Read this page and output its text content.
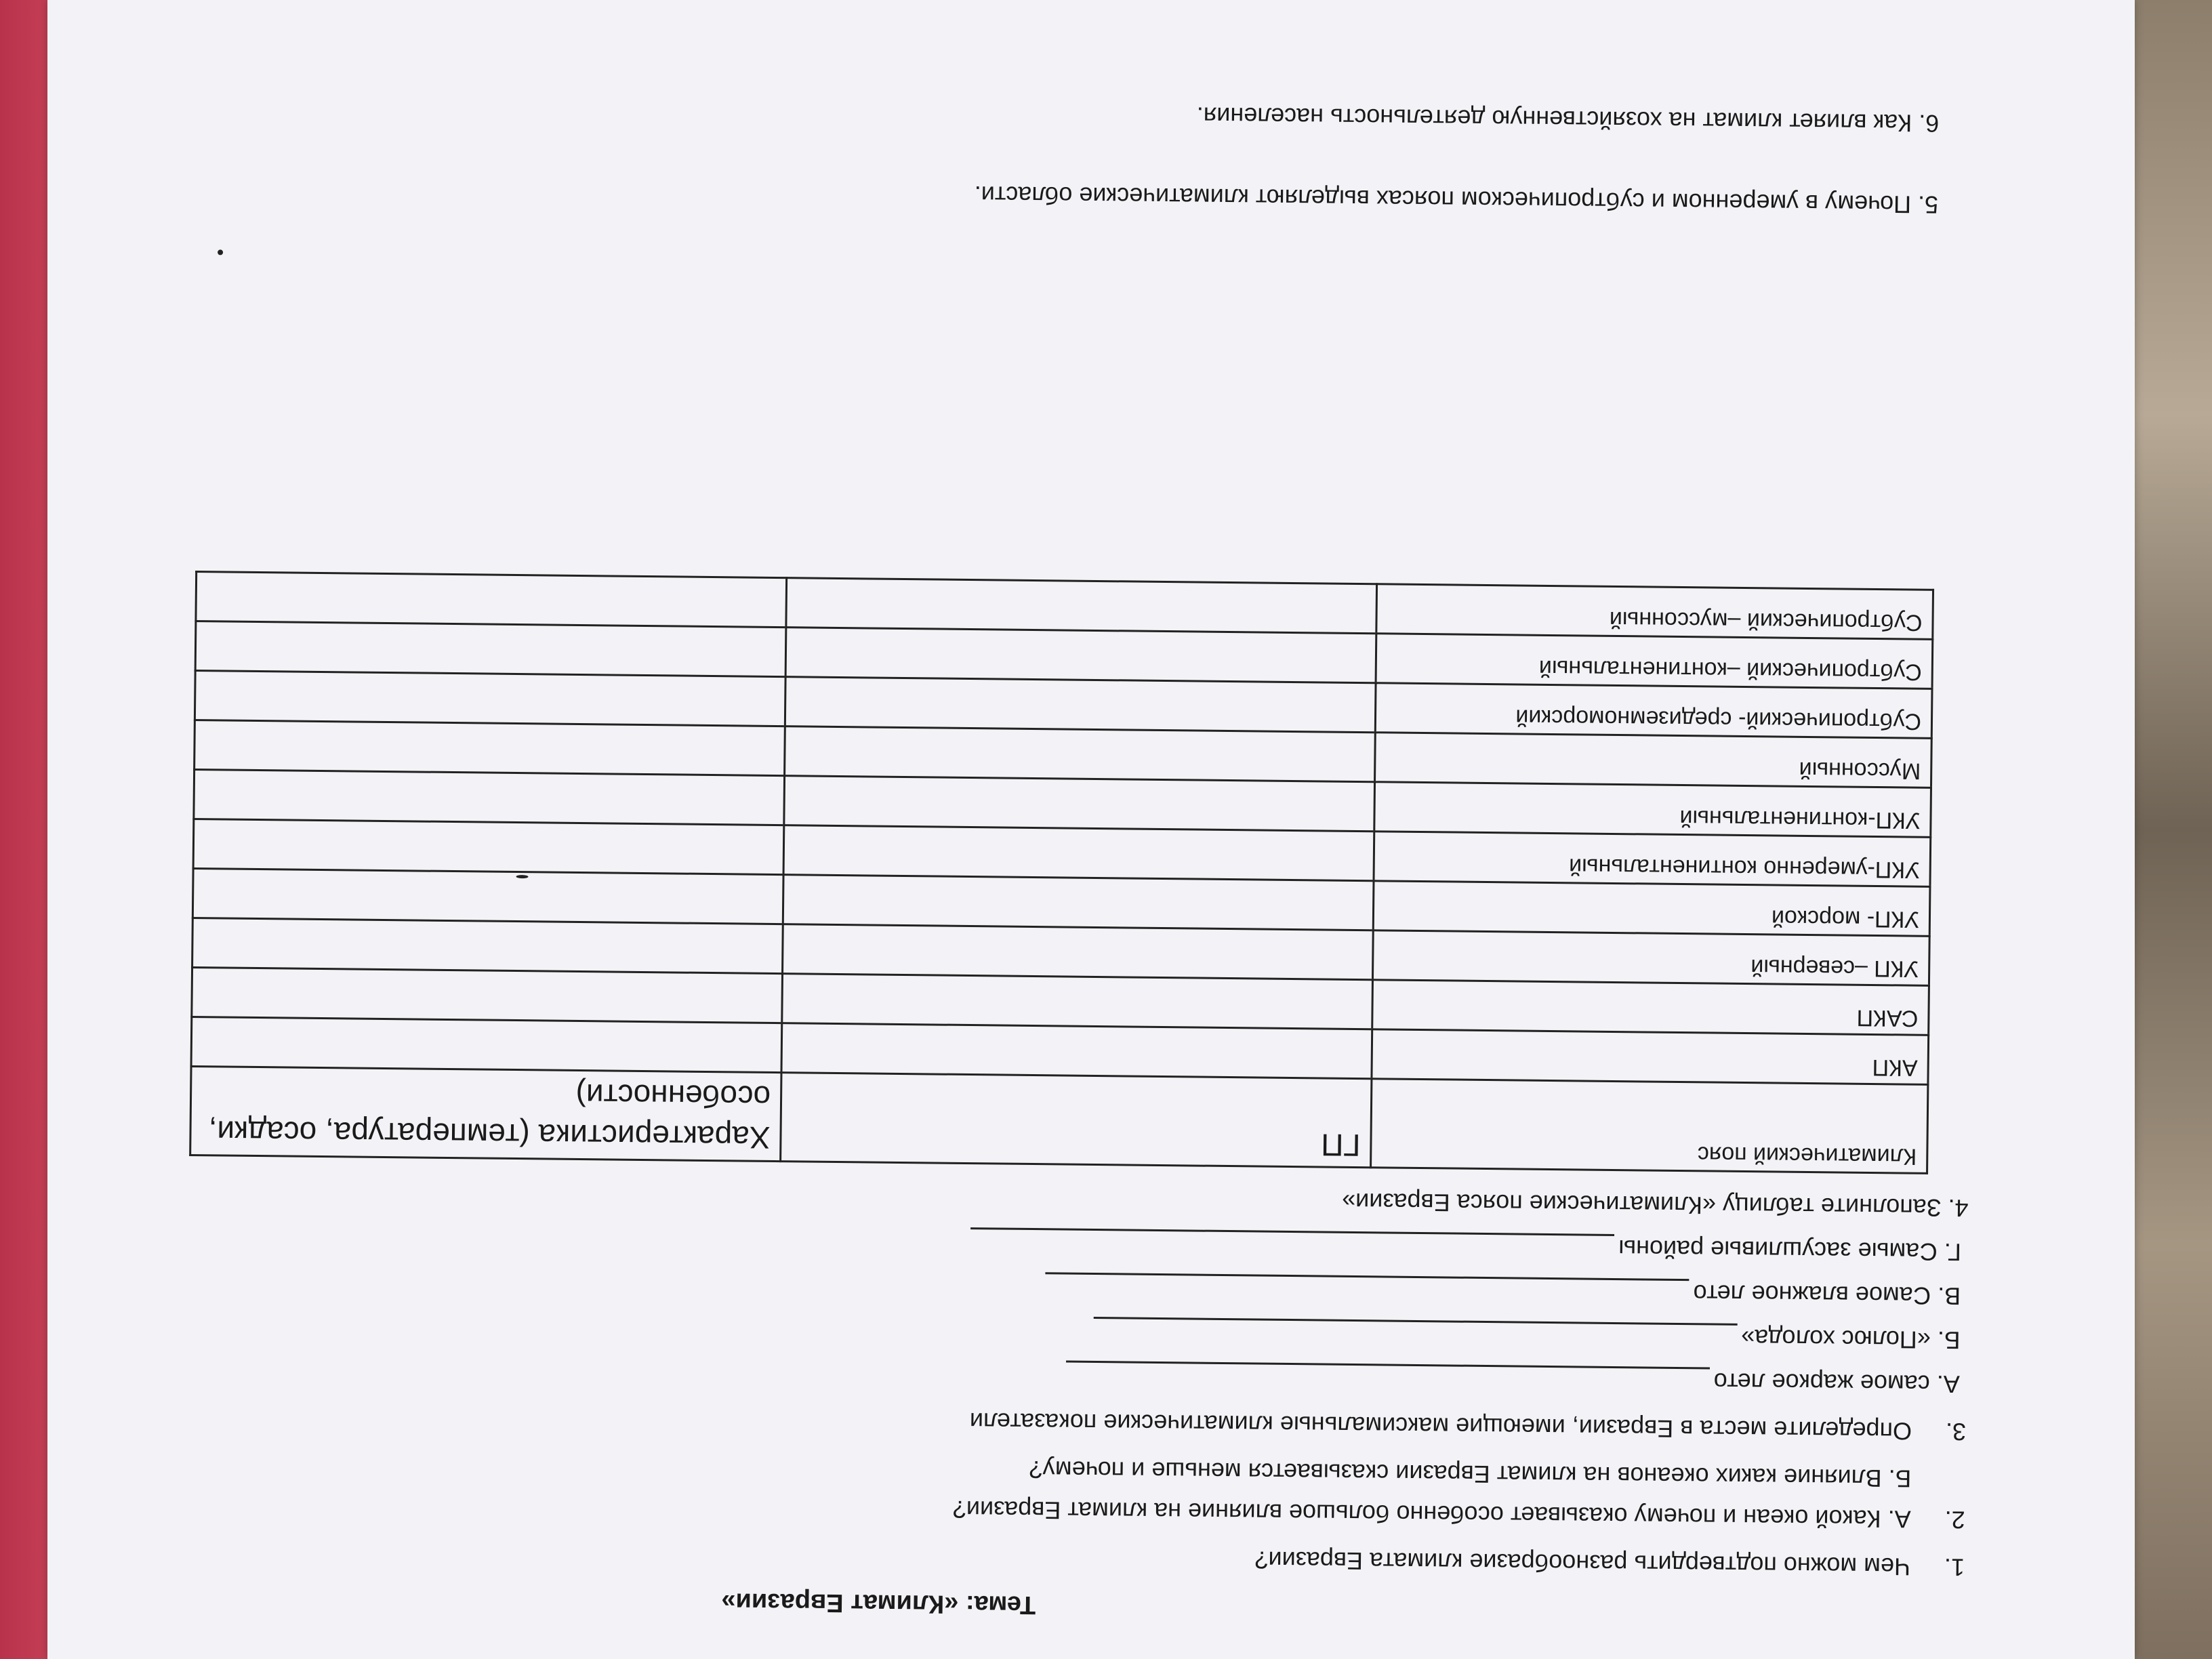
Тема: «Климат Евразии»
1.Чем можно подтвердить разнообразие климата Евразии?
2.А. Какой океан и почему оказывает особенно большое влияние на климат Евразии?
Б. Влияние каких океанов на климат Евразии сказывается меньше и почему?
3.Определите места в Евразии, имеющие максимальные климатические показатели
А. самое жаркое лето
Б. «Полюс холода»
В. Самое влажное лето
Г. Самые засушливые районы
4. Заполните таблицу «Климатические пояса Евразии»
Климатический пояс	ГП	Характеристика (температура, осадки, особенности)
АКП		
САКП		
УКП –северный		
УКП- морской		
УКП-умеренно континентальный		
УКП-континентальный		
Муссонный		
Субтропический- средиземноморский		
Субтропический –континентальный		
Субтропический –муссонный		
5. Почему в умеренном и субтропическом поясах выделяют климатические области.
6. Как влияет климат на хозяйственную деятельность населения.
